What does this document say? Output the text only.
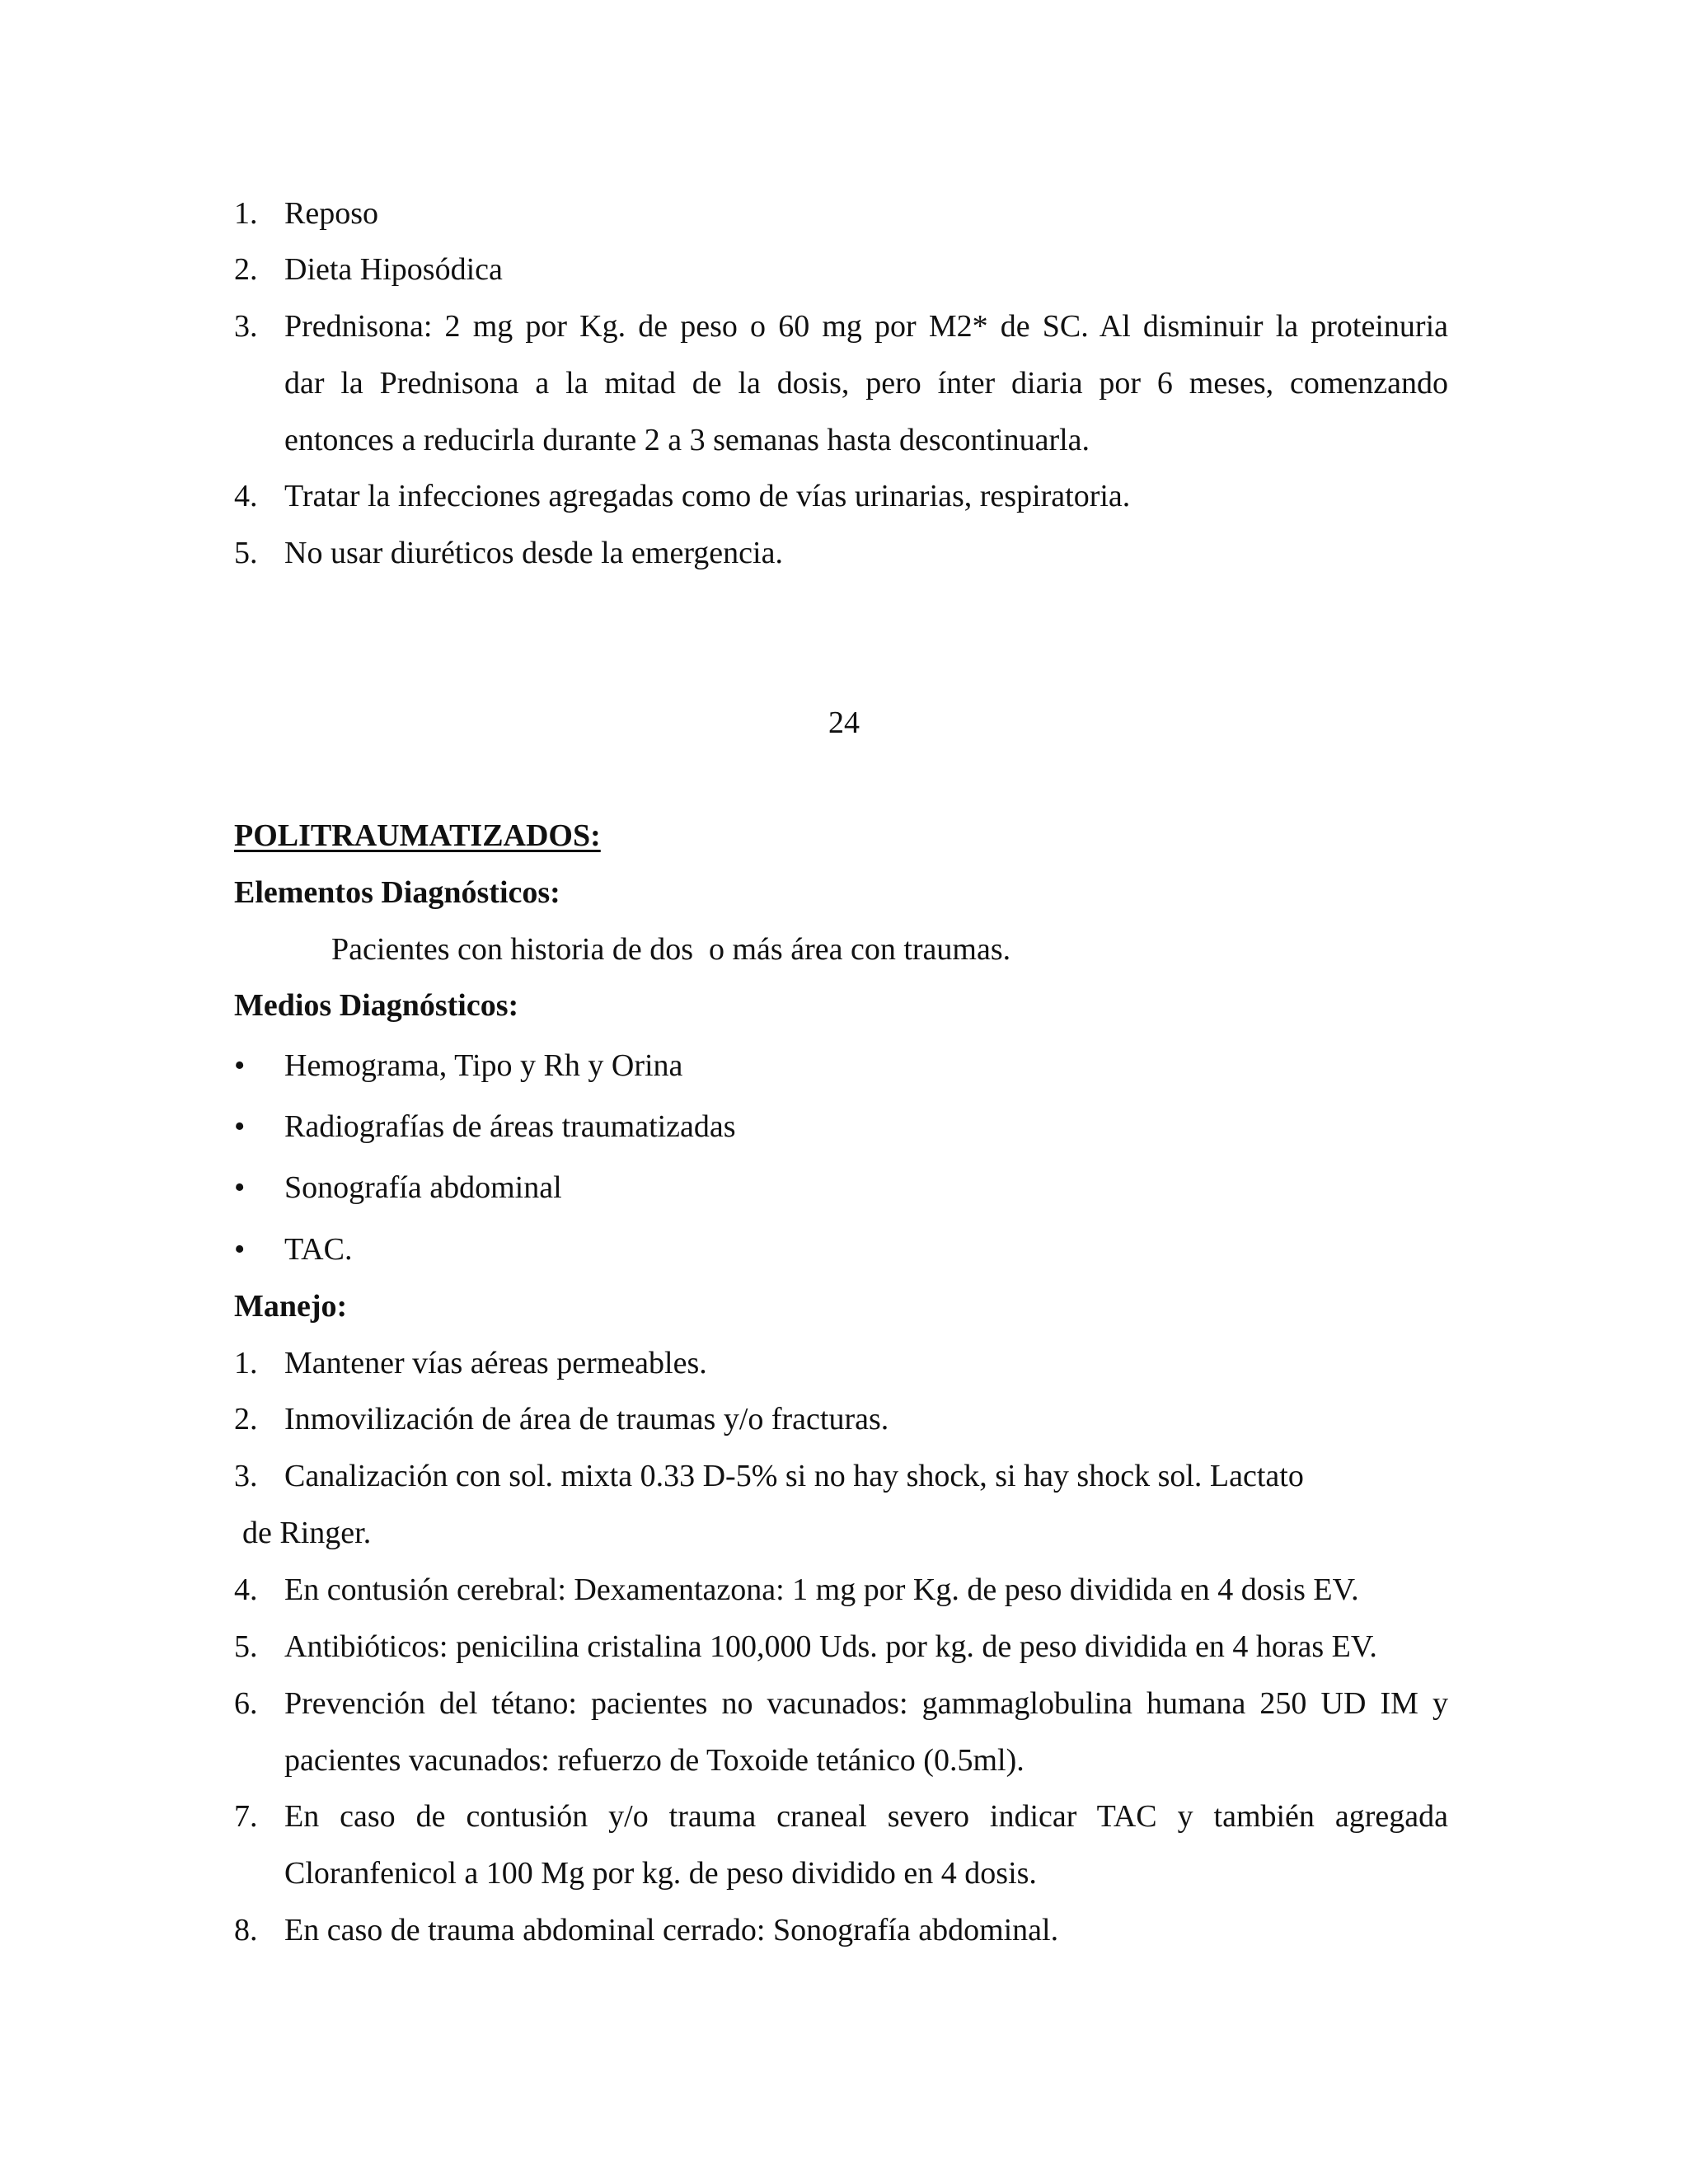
1. Reposo
2. Dieta Hiposódica
3. Prednisona: 2 mg por Kg. de peso o 60 mg por M2* de SC. Al disminuir la proteinuria
dar la Prednisona a la mitad de la dosis, pero ínter diaria por 6 meses, comenzando
entonces a reducirla durante 2 a 3 semanas hasta descontinuarla.
4. Tratar la infecciones agregadas como de vías urinarias, respiratoria.
5. No usar diuréticos desde la emergencia.
24
POLITRAUMATIZADOS:
Elementos Diagnósticos:
Pacientes con historia de dos  o más área con traumas.
Medios Diagnósticos:
• Hemograma, Tipo y Rh y Orina
• Radiografías de áreas traumatizadas
• Sonografía abdominal
• TAC.
Manejo:
1. Mantener vías aéreas permeables.
2. Inmovilización de área de traumas y/o fracturas.
3. Canalización con sol. mixta 0.33 D-5% si no hay shock, si hay shock sol. Lactato
de Ringer.
4. En contusión cerebral: Dexamentazona: 1 mg por Kg. de peso dividida en 4 dosis EV.
5. Antibióticos: penicilina cristalina 100,000 Uds. por kg. de peso dividida en 4 horas EV.
6. Prevención del tétano: pacientes no vacunados: gammaglobulina humana 250 UD IM y
pacientes vacunados: refuerzo de Toxoide tetánico (0.5ml).
7. En caso de contusión y/o trauma craneal severo indicar TAC y también agregada
Cloranfenicol a 100 Mg por kg. de peso dividido en 4 dosis.
8. En caso de trauma abdominal cerrado: Sonografía abdominal.
